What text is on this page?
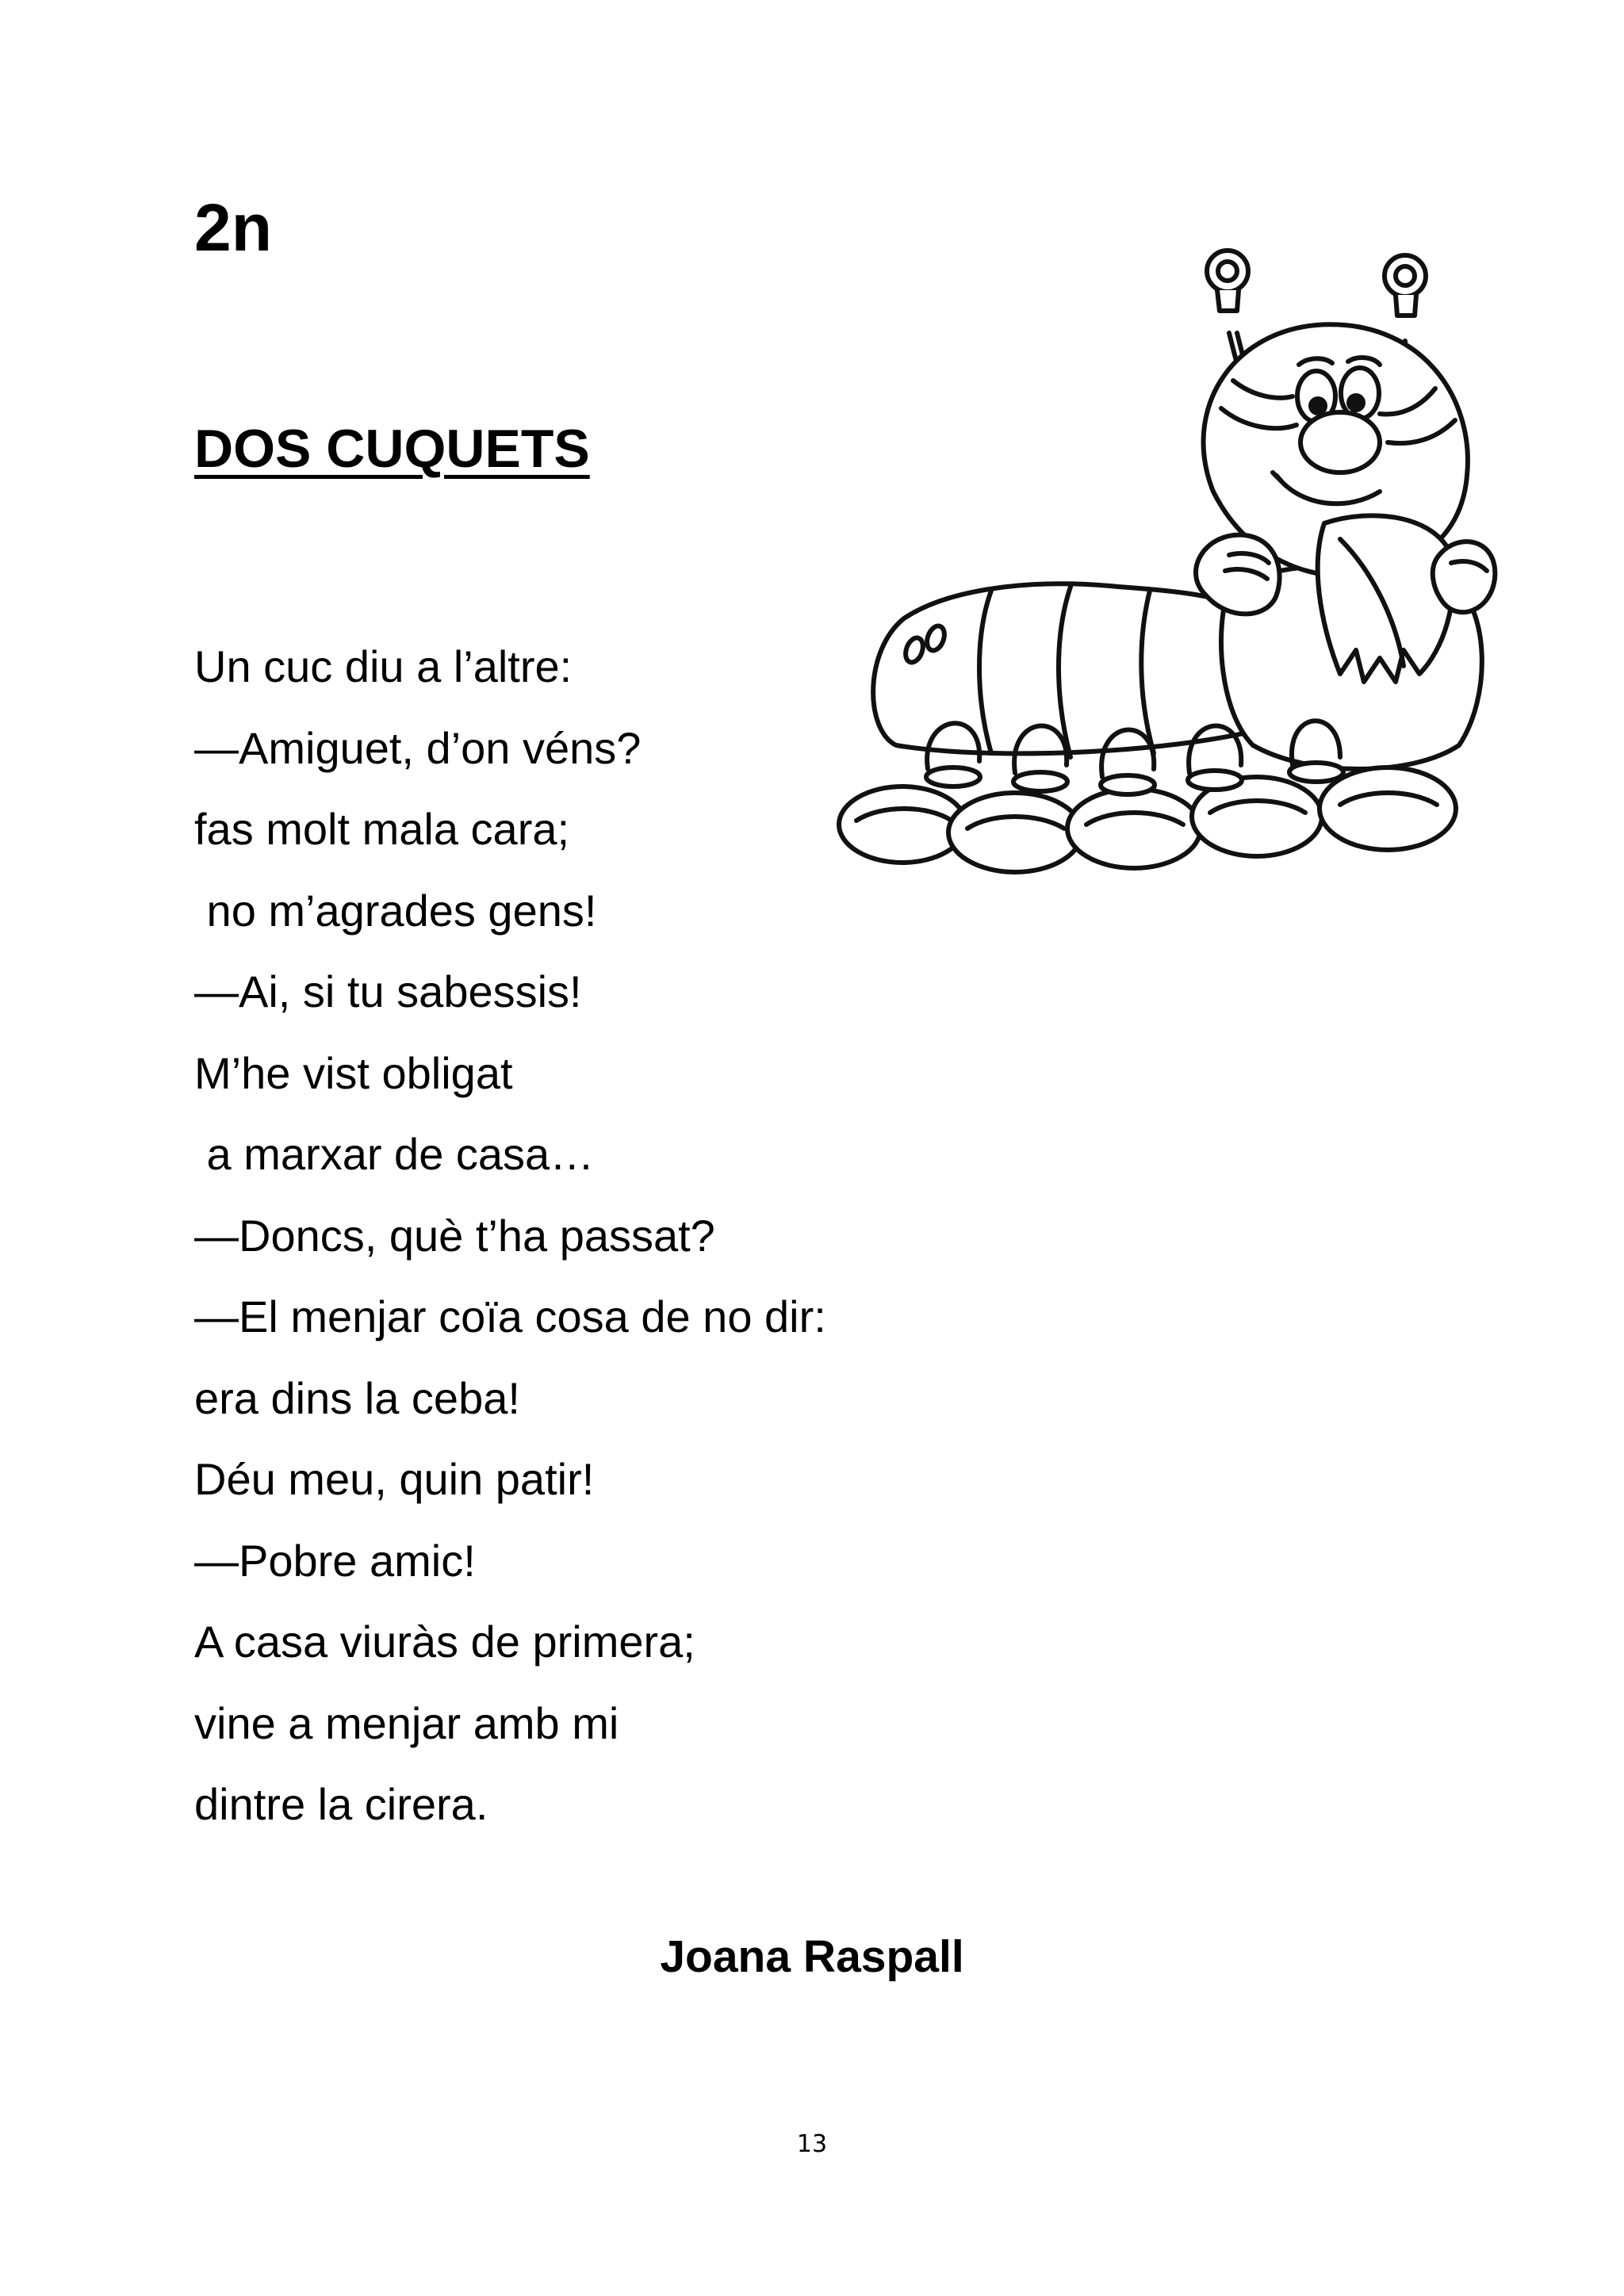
2n
DOS CUQUETS
Un cuc diu a l’altre:
—Amiguet, d’on véns?
fas molt mala cara;
no m’agrades gens!
—Ai, si tu sabessis!
M’he vist obligat
a marxar de casa…
—Doncs, què t’ha passat?
—El menjar coïa cosa de no dir:
era dins la ceba!
Déu meu, quin patir!
—Pobre amic!
A casa viuràs de primera;
vine a menjar amb mi
dintre la cirera.

Joana Raspall

13
